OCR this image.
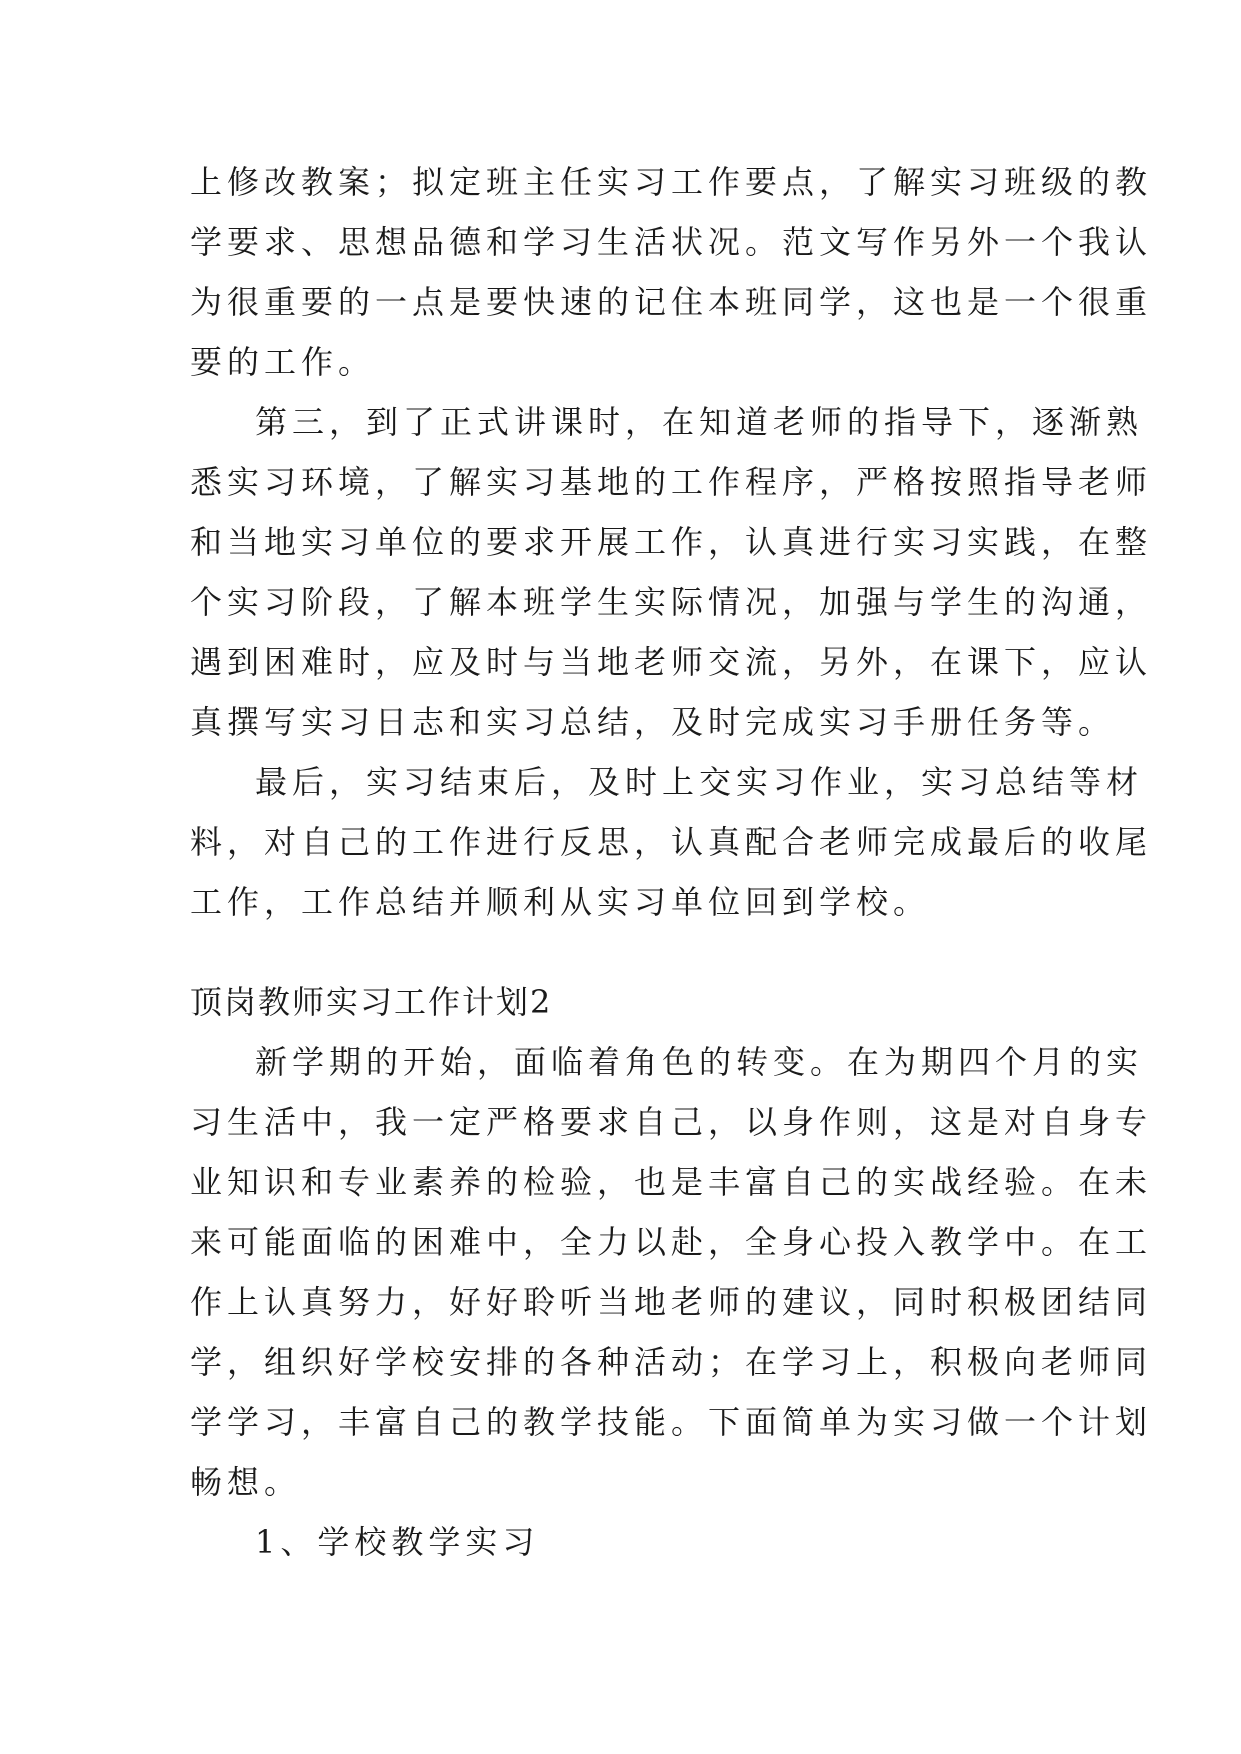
上修改教案；拟定班主任实习工作要点，了解实习班级的教
学要求、思想品德和学习生活状况。范文写作另外一个我认
为很重要的一点是要快速的记住本班同学，这也是一个很重
要的工作。
第三，到了正式讲课时，在知道老师的指导下，逐渐熟
悉实习环境，了解实习基地的工作程序，严格按照指导老师
和当地实习单位的要求开展工作，认真进行实习实践，在整
个实习阶段，了解本班学生实际情况，加强与学生的沟通，
遇到困难时，应及时与当地老师交流，另外，在课下，应认
真撰写实习日志和实习总结，及时完成实习手册任务等。
最后，实习结束后，及时上交实习作业，实习总结等材
料，对自己的工作进行反思，认真配合老师完成最后的收尾
工作，工作总结并顺利从实习单位回到学校。
顶岗教师实习工作计划2
新学期的开始，面临着角色的转变。在为期四个月的实
习生活中，我一定严格要求自己，以身作则，这是对自身专
业知识和专业素养的检验，也是丰富自己的实战经验。在未
来可能面临的困难中，全力以赴，全身心投入教学中。在工
作上认真努力，好好聆听当地老师的建议，同时积极团结同
学，组织好学校安排的各种活动；在学习上，积极向老师同
学学习，丰富自己的教学技能。下面简单为实习做一个计划
畅想。
1、学校教学实习
